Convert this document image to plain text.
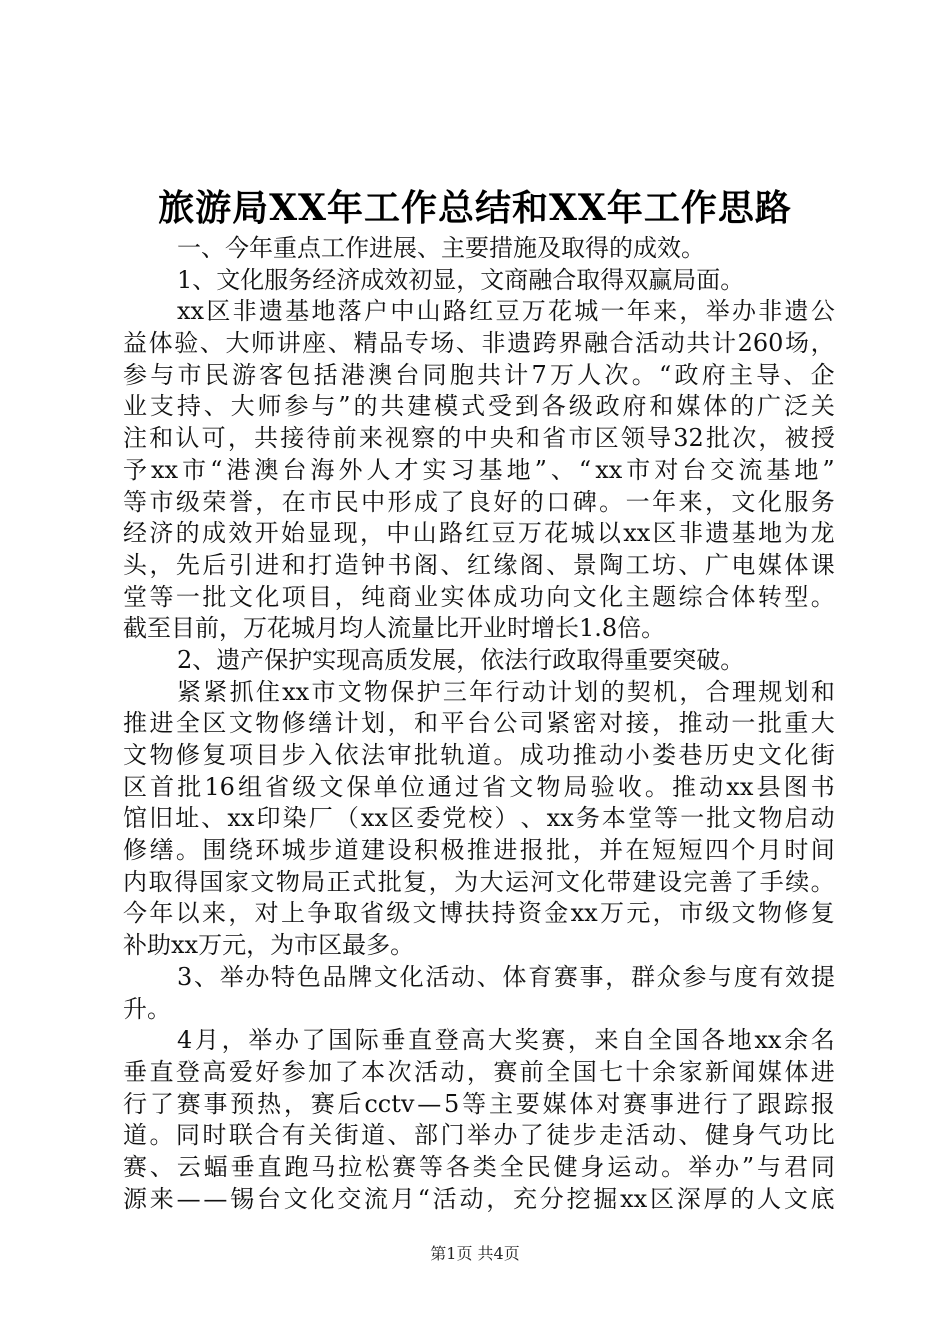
旅游局XX年工作总结和XX年工作思路
一、今年重点工作进展、主要措施及取得的成效。
1、文化服务经济成效初显，文商融合取得双赢局面。
xx 区 非 遗 基 地 落 户 中 山 路 红 豆 万 花 城 一 年 来 ， 举 办 非 遗 公
益 体 验 、 大 师 讲 座 、 精 品 专 场 、 非 遗 跨 界 融 合 活 动 共 计 260 场 ，
参 与 市 民 游 客 包 括 港 澳 台 同 胞 共 计 7 万 人 次 。 “ 政 府 主 导 、 企
业 支 持 、 大 师 参 与 ” 的 共 建 模 式 受 到 各 级 政 府 和 媒 体 的 广 泛 关
注 和 认 可 ， 共 接 待 前 来 视 察 的 中 央 和 省 市 区 领 导 32 批 次 ， 被 授
予 xx 市 “ 港 澳 台 海 外 人 才 实 习 基 地 ” 、 “ xx 市 对 台 交 流 基 地 ”
等 市 级 荣 誉 ， 在 市 民 中 形 成 了 良 好 的 口 碑 。 一 年 来 ， 文 化 服 务
经 济 的 成 效 开 始 显 现 ， 中 山 路 红 豆 万 花 城 以 xx 区 非 遗 基 地 为 龙
头 ， 先 后 引 进 和 打 造 钟 书 阁 、 红 缘 阁 、 景 陶 工 坊 、 广 电 媒 体 课
堂 等 一 批 文 化 项 目 ， 纯 商 业 实 体 成 功 向 文 化 主 题 综 合 体 转 型 。
截至目前，万花城月均人流量比开业时增长1.8倍。
2、遗产保护实现高质发展，依法行政取得重要突破。
紧 紧 抓 住 xx 市 文 物 保 护 三 年 行 动 计 划 的 契 机 ， 合 理 规 划 和
推 进 全 区 文 物 修 缮 计 划 ， 和 平 台 公 司 紧 密 对 接 ， 推 动 一 批 重 大
文 物 修 复 项 目 步 入 依 法 审 批 轨 道 。 成 功 推 动 小 娄 巷 历 史 文 化 街
区 首 批 16 组 省 级 文 保 单 位 通 过 省 文 物 局 验 收 。 推 动 xx 县 图 书
馆 旧 址 、 xx 印 染 厂 （ xx 区 委 党 校 ） 、 xx 务 本 堂 等 一 批 文 物 启 动
修 缮 。 围 绕 环 城 步 道 建 设 积 极 推 进 报 批 ， 并 在 短 短 四 个 月 时 间
内 取 得 国 家 文 物 局 正 式 批 复 ， 为 大 运 河 文 化 带 建 设 完 善 了 手 续 。
今 年 以 来 ， 对 上 争 取 省 级 文 博 扶 持 资 金 xx 万 元 ， 市 级 文 物 修 复
补助xx万元，为市区最多。
3 、 举 办 特 色 品 牌 文 化 活 动 、 体 育 赛 事 ， 群 众 参 与 度 有 效 提
升。
4 月 ， 举 办 了 国 际 垂 直 登 高 大 奖 赛 ， 来 自 全 国 各 地 xx 余 名
垂 直 登 高 爱 好 参 加 了 本 次 活 动 ， 赛 前 全 国 七 十 余 家 新 闻 媒 体 进
行 了 赛 事 预 热 ， 赛 后 cctv — 5 等 主 要 媒 体 对 赛 事 进 行 了 跟 踪 报
道 。 同 时 联 合 有 关 街 道 、 部 门 举 办 了 徒 步 走 活 动 、 健 身 气 功 比
赛 、 云 蝠 垂 直 跑 马 拉 松 赛 等 各 类 全 民 健 身 运 动 。 举 办 ” 与 君 同
源 来 — — 锡 台 文 化 交 流 月 “ 活 动 ， 充 分 挖 掘 xx 区 深 厚 的 人 文 底
第1页 共4页
